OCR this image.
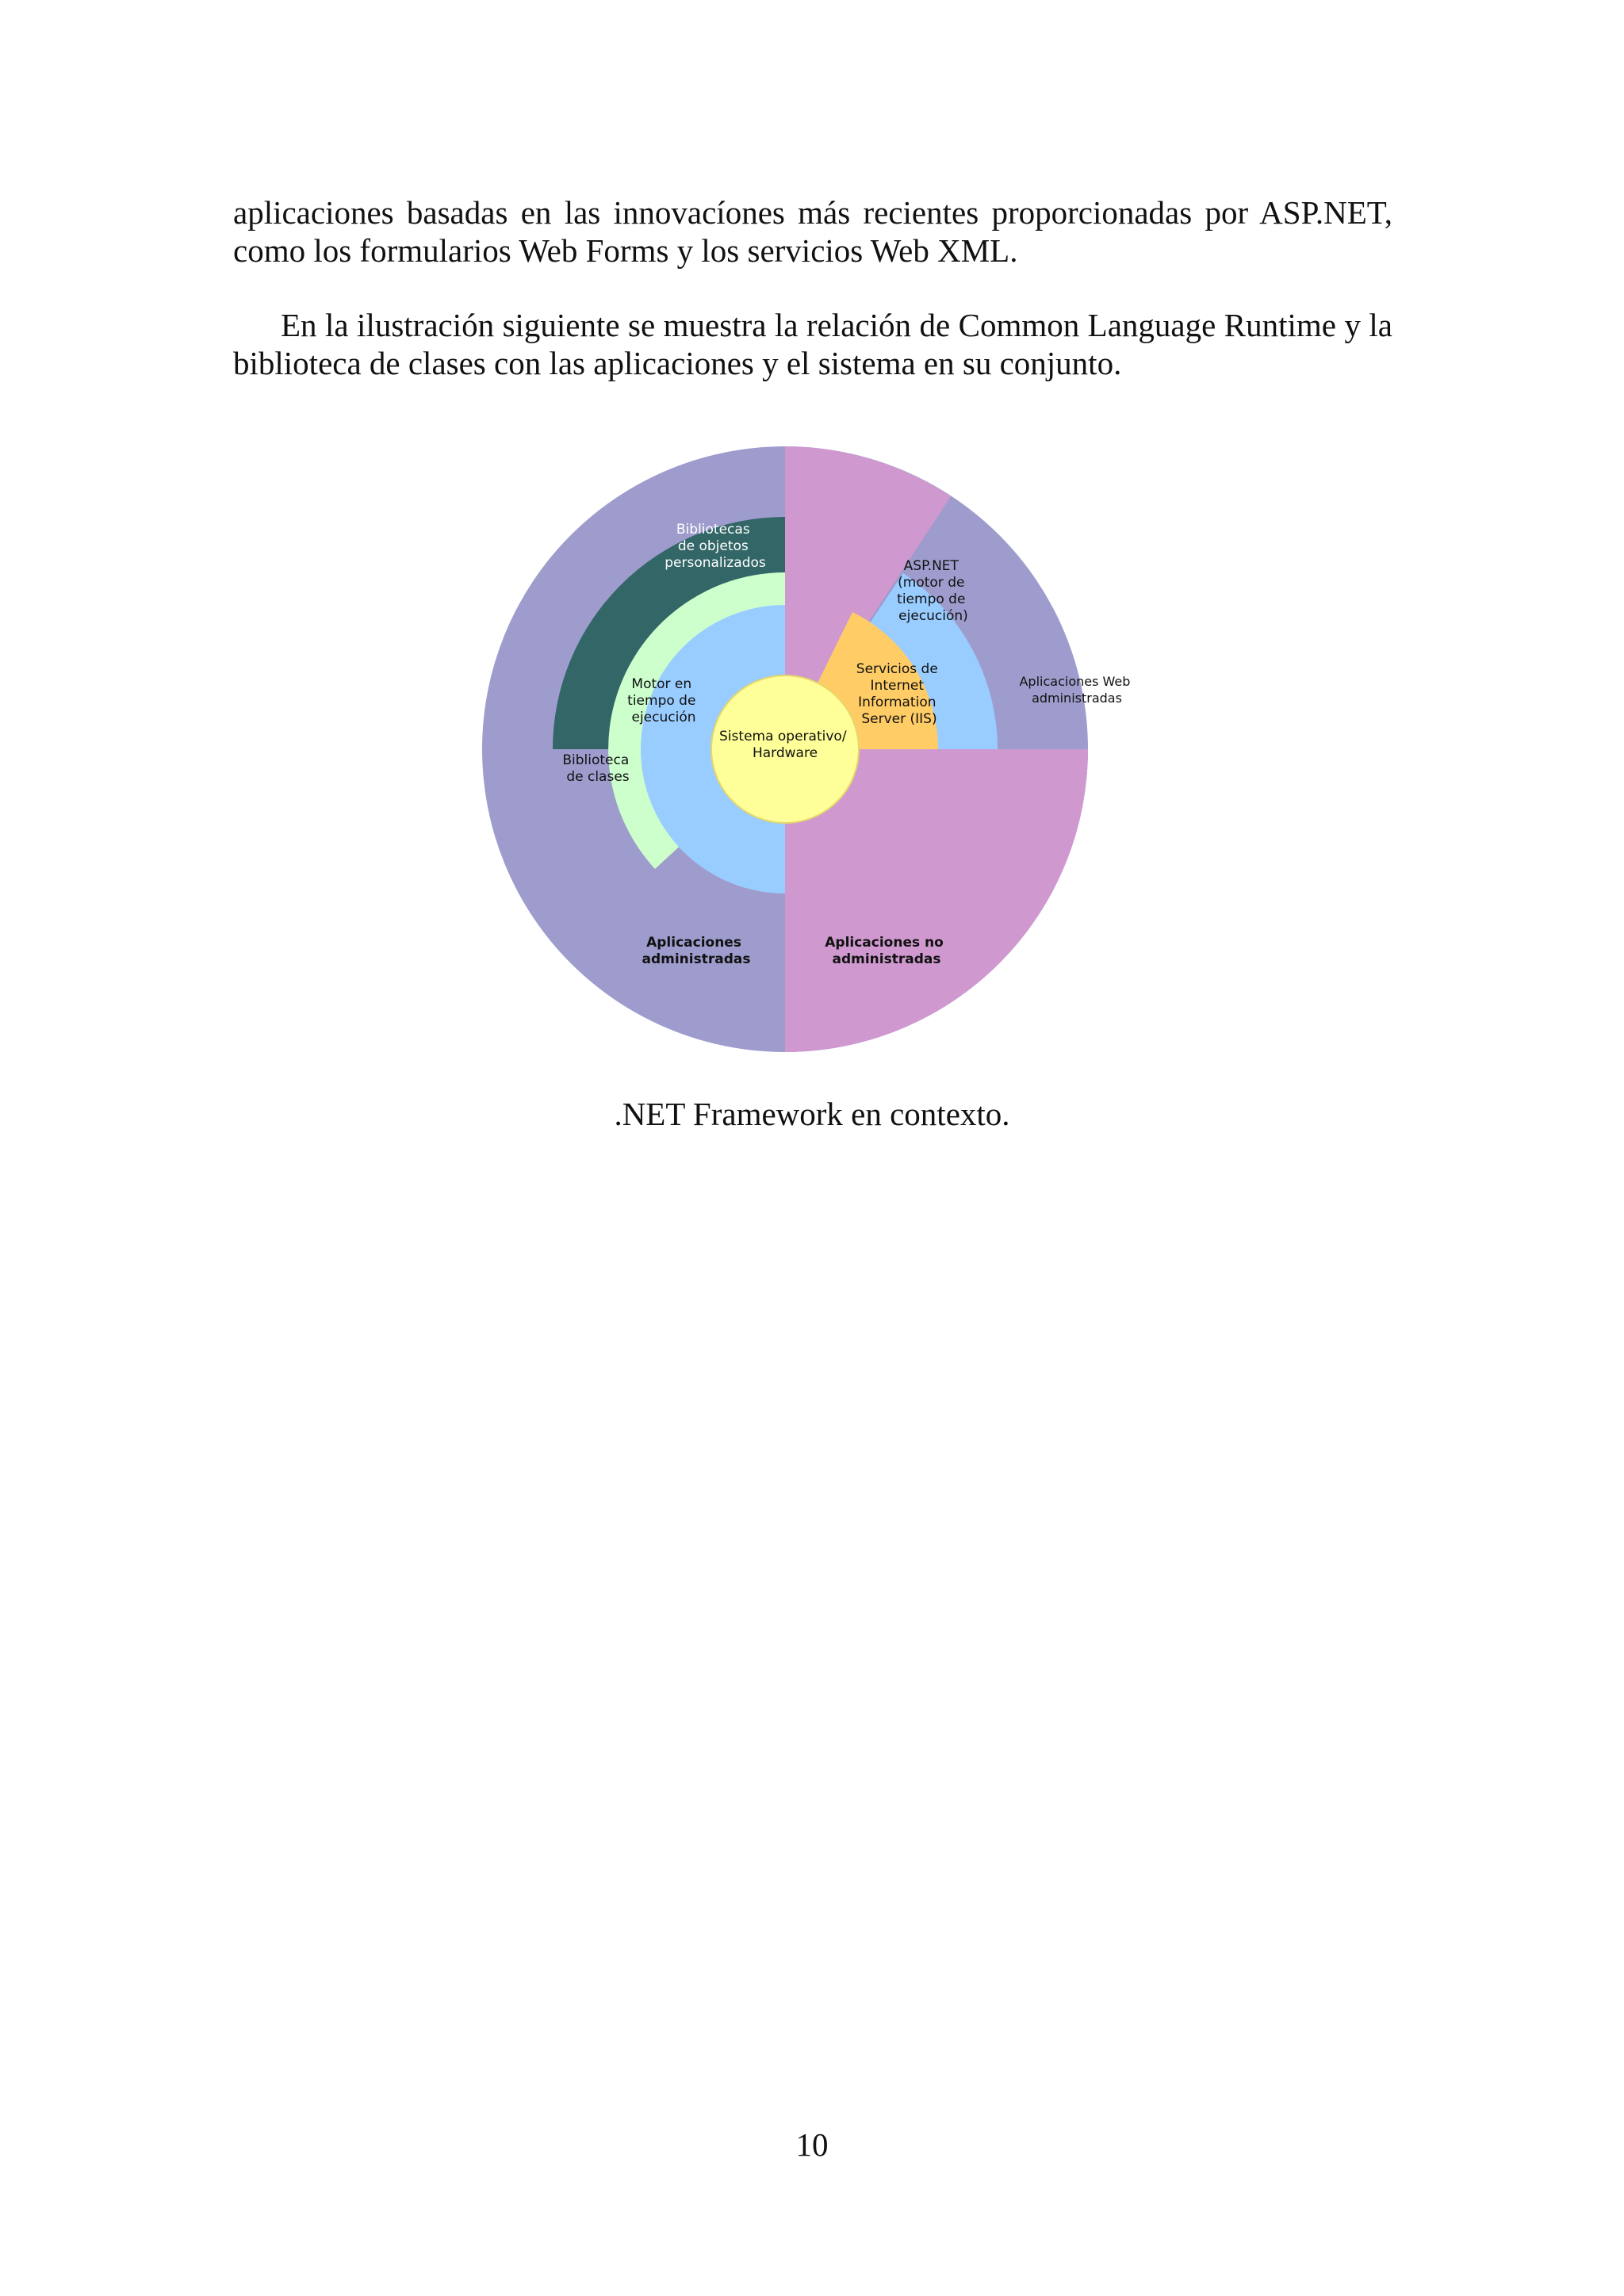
aplicaciones basadas en las innovacíones más recientes proporcionadas por ASP.NET, como los formularios Web Forms y los servicios Web XML.

En la ilustración siguiente se muestra la relación de Common Language Runtime y la biblioteca de clases con las aplicaciones y el sistema en su conjunto.

Bibliotecas de objetos personalizados	ASP.NET (motor de tiempo de ejecución)
Aplicaciones Web administradas
Servicios de Internet Information Server (IIS)
Motor en tiempo de ejecución
Sistema operativo/ Hardware
Biblioteca de clases
Aplicaciones administradas
Aplicaciones no administradas
.NET Framework en contexto.
10
